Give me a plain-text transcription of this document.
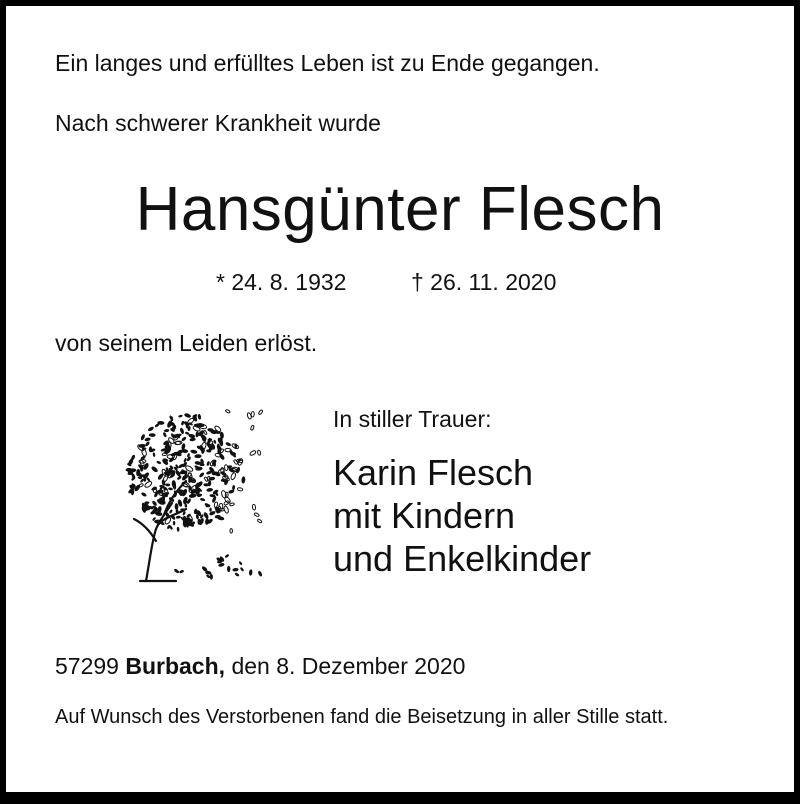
Ein langes und erfülltes Leben ist zu Ende gegangen.
Nach schwerer Krankheit wurde
Hansgünter Flesch
* 24. 8. 1932	† 26. 11. 2020
von seinem Leiden erlöst.
In stiller Trauer:
Karin Flesch
mit Kindern
und Enkelkinder
57299 Burbach, den 8. Dezember 2020
Auf Wunsch des Verstorbenen fand die Beisetzung in aller Stille statt.
